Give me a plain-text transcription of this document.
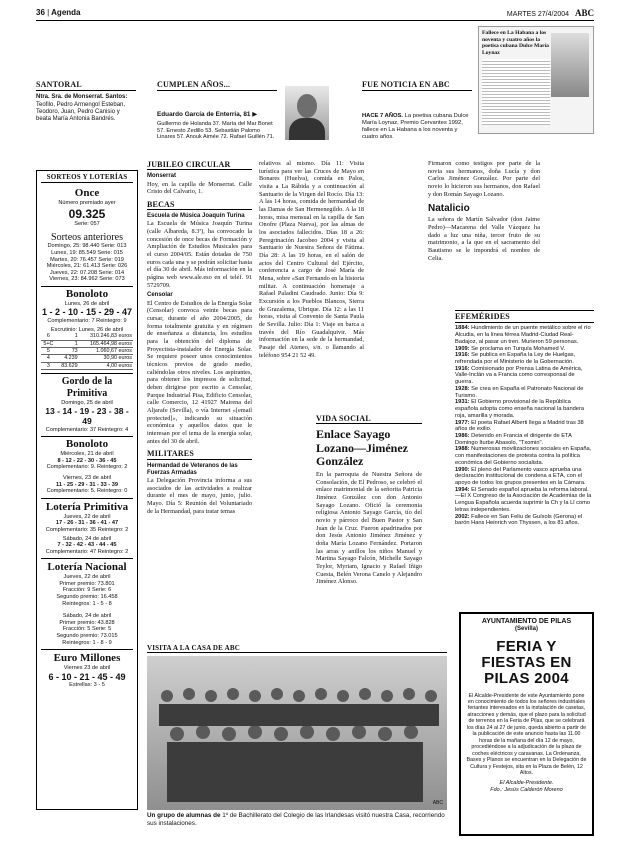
36 | Agenda	MARTES 27/4/2004 ABC
SANTORAL
Ntra. Sra. de Monserrat. Santos: Teofilo, Pedro Armengol Esteban, Teodoro, Juan, Pedro Canisio y beata María Antonia Bandrés.
CUMPLEN AÑOS...
Eduardo García de Enterría, 81 ▶
Guillermo de Holanda 37. María del Mar Bonet 57. Ernesto Zedillo 53. Sebastián Palomo Linares 57. Anouk Aimée 72. Rafael Guillén 71.
FUE NOTICIA EN ABC
HACE 7 AÑOS. La poetisa cubana Dulce María Loynaz, Premio Cervantes 1992, fallece en La Habana a los noventa y cuatro años.
Fallece en La Habana a los noventa y cuatro años la poetisa cubana Dulce María Loynaz
SORTEOS Y LOTERÍAS
Once
Número premiado ayer
09.325
Serie: 057
Sorteos anteriores
Domingo, 25: 98.440 Serie: 013
Lunes, 19: 85.549 Serie: 015
Martes, 20: 76.457 Serie: 019
Miércoles, 21: 61.413 Serie: 026
Jueves, 22: 07.208 Serie: 014
Viernes, 23: 84.962 Serie: 073
Bonoloto
Lunes, 26 de abril
1 - 2 - 10 - 15 - 29 - 47
Complementario: 7 Reintegro: 9
Escrutinio: Lunes, 26 de abril
6	1	310.246,83 euros
5+C	1	165.464,98 euros
5	73	1.060,67 euros
4	4.239	30,90 euros
3	83.629	4,00 euros
Gordo de la Primitiva
Domingo, 25 de abril
13 - 14 - 19 - 23 - 38 - 49
Complementario: 37 Reintegro: 4
Bonoloto
Miércoles, 21 de abril
8 - 12 - 22 - 30 - 36 - 45
Complementario: 9. Reintegro: 2
Viernes, 23 de abril
11 - 25 - 29 - 31 - 33 - 39
Complementario: 5. Reintegro: 0
Lotería Primitiva
Jueves, 22 de abril
17 - 26 - 31 - 36 - 41 - 47
Complementario: 35 Reintegro: 2
Sábado, 24 de abril
7 - 32 - 42 - 43 - 44 - 45
Complementario: 47 Reintegro: 2
Lotería Nacional
Jueves, 22 de abril
Primer premio: 73.801
Fracción: 9 Serie: 6
Segundo premio: 16.458
Reintegros: 1 - 5 - 8
Sábado, 24 de abril
Primer premio: 43.828
Fracción: 5 Serie: 5
Segundo premio: 73.015
Reintegros: 1 - 8 - 9
Euro Millones
Viernes 23 de abril
6 - 10 - 21 - 45 - 49
Estrellas: 3 - 5
JUBILEO CIRCULAR
Monserrat
Hoy, en la capilla de Monserrat. Calle Cristo del Calvario, 1.
BECAS
Escuela de Música Joaquín Turina
La Escuela de Música Joaquín Turina (calle Albareda, 8.3ª), ha convocado la concesión de once becas de Formación y Ampliación de Estudios Musicales para el curso 2004/05. Están dotadas de 750 euros cada una y se podrán solicitar hasta el día 30 de abril. Más información en la página web www.ale.eso en el teléf. 91 5729709.
Censolar
El Centro de Estudios de la Energía Solar (Censolar) convoca veinte becas para cursar, durante el año 2004/2005, de forma totalmente gratuita y en régimen de enseñanza a distancia, los estudios para la obtención del diploma de Proyectista-instalador de Energía Solar. Se requiere poseer unos conocimientos técnicos previos de grado medio, caliéndolas otros niveles. Los aspirantes, para obtener los impresos de solicitud, deben dirigirse por escrito a Censolar, Parque Industrial Pisa, Edificio Censolar, calle Comercio, 12 41927 Mairena del Aljarafe (Sevilla), o vía Internet «[email protected]», indicando su situación económica y aquellos datos que le interesan por el tema de la energía solar, antes del 30 de abril.
MILITARES
Hermandad de Veteranos de las Fuerzas Armadas
La Delegación Provincia informa a sus asociados de las actividades a realizar durante el mes de mayo, junio, julio. Mayo. Día 5: Reunión del Voluntariado de la Hermandad, para tratar temas
relativos al mismo. Día 11: Visita turística para ver las Cruces de Mayo en Bonares (Huelva), comida en Palos, visita a La Rábida y a continuación al Santuario de la Virgen del Rocío. Día 13: A las 14 horas, comida de hermandad de las Damas de San Hermenegildo. A la 18 horas, misa mensual en la capilla de San Onofre (Plaza Nueva), por las almas de los asociados fallecidos. Días 18 a 26: Peregrinación Jacobeo 2004 y visita al Santuario de Nuestra Señora de Fátima. Día 28: A las 19 horas, en el salón de actos del Centro Cultural del Ejército, conferencia a cargo de José María de Mena, sobre «San Fernando en la historia militar. A continuación homenaje a Rafael Paladini Caudrado. Junio: Día 9: Excursión a los Pueblos Blancos, Sierra de Grazalema, Ubrique. Día 12: a las 11 horas, visita al Convento de Santa Paula de Sevilla. Julio: Día 1: Viaje en barca a través del Río Guadalquivir. Más información en la sede de la hermandad, Pasaje del Ateneo, s/n. o llamando al teléfono 954 21 52 49.
VIDA SOCIAL
Enlace Sayago Lozano—Jiménez González
En la parroquia de Nuestra Señora de Consolación, de El Pedroso, se celebró el enlace matrimonial de la señorita Patricia Jiménez González con don Antonio Sayago Lozano. Ofició la ceremonia religiosa Antonio Sayago García, tío del novio y párroco del Buen Pastor y San Juan de la Cruz. Fueron apadrinados por don Jesús Antonio Jiménez Jiménez y doña María Lozano Fernández. Portaron las arras y anillos los niños Manuel y Martina Sayago Falcón, Michelle Sayago Teylor, Myriam, Ignacio y Rafael Iñigo Cuesta, Belén Verona Canelo y Alejandro Jiménez Alonso.
Firmaron como testigos por parte de la novia sus hermanos, doña Lucía y don Carlos Jiménez González. Por parte del novio lo hicieron sus hermanos, don Rafael y don Román Sayago Lozano.
Natalicio
La señora de Martín Salvador (don Jaime Pedro)—Macarena del Valle Vázquez ha dado a luz una niña, tercer fruto de su matrimonio, a la que en el sacramento del Bautismo se le impondrá el nombre de Celia.
EFEMÉRIDES
1884: Hundimiento de un puente metálico sobre el río Alcudia, en la línea férrea Madrid-Ciudad Real-Badajoz, al pasar un tren. Murieron 59 personas.
1909: Se proclama en Turquía Mohamed V.
1916: Se publica en España la Ley de Huelgas, refrendada por el Ministerio de la Gobernación.
1916: Comisionado por Prensa Latina de América, Valle-Inclán va a Francia como corresponsal de guerra.
1928: Se crea en España el Patronato Nacional de Turismo.
1931: El Gobierno provisional de la República española adopta como enseña nacional la bandera roja, amarilla y morada.
1977: El poeta Rafael Alberti llega a Madrid tras 38 años de exilio.
1986: Detenido en Francia el dirigente de ETA Domingo Iturbe Abasolo, "Txomin".
1988: Numerosas movilizaciones sociales en España, con manifestaciones de protesta contra la política económica del Gobierno socialista.
1990: El pleno del Parlamento vasco aprueba una declaración institucional de condena a ETA, con el apoyo de todos los grupos presentes en la Cámara.
1994: El Senado español aprueba la reforma laboral.
—El X Congreso de la Asociación de Academias de la Lengua Española acuerda suprimir la Ch y la Ll como letras independientes.
2002: Fallece en San Feliu de Guíxols (Gerona) el barón Hans Heinrich von Thyssen, a los 81 años.
VISITA A LA CASA DE ABC
ABC
Un grupo de alumnas de 1º de Bachillerato del Colegio de las Irlandesas visitó nuestra Casa, recorriendo sus instalaciones.
AYUNTAMIENTO DE PILAS
(Sevilla)
FERIA Y FIESTAS EN PILAS 2004
El Alcalde-Presidente de este Ayuntamiento pone en conocimiento de todos los señores industriales feriantes interesados en la instalación de casetas, atracciones y demás, que el plazo para la solicitud de terrenos en la Feria de Pilas, que se celebrará los días 24 al 27 de junio, queda abierto a partir de la publicación de este anuncio hasta las 11.00 horas de la mañana del día 12 de mayo, procediéndose a la adjudicación de la plaza de coches eléctricos y caravanas. La Ordenanza, Bases y Planos se encuentran en la Delegación de Cultura y Festejos, sita en la Plaza de Belén, 12 Altos.
El Alcalde-Presidente.
Fdo.: Jesús Calderón Moreno
